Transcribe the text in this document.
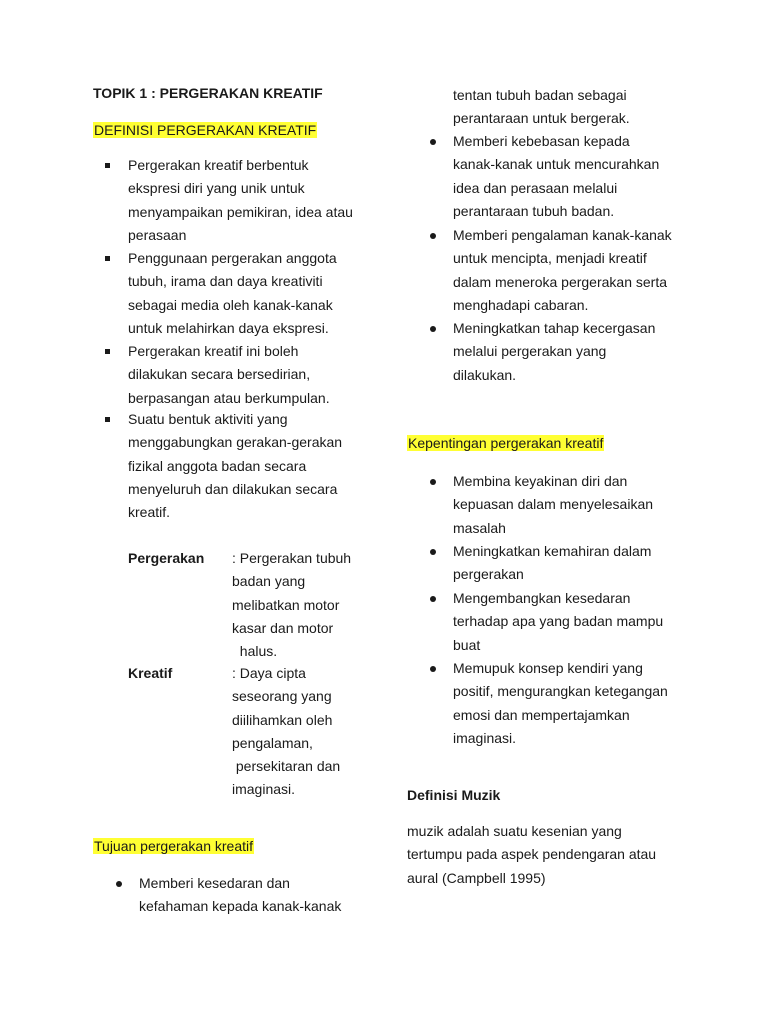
TOPIK 1 : PERGERAKAN KREATIF
DEFINISI PERGERAKAN KREATIF
Pergerakan kreatif berbentuk
ekspresi diri yang unik untuk
menyampaikan pemikiran, idea atau
perasaan
Penggunaan pergerakan anggota
tubuh, irama dan daya kreativiti
sebagai media oleh kanak-kanak
untuk melahirkan daya ekspresi.
Pergerakan kreatif ini boleh
dilakukan secara bersedirian,
berpasangan atau berkumpulan.
Suatu bentuk aktiviti yang
menggabungkan gerakan-gerakan
fizikal anggota badan secara
menyeluruh dan dilakukan secara
kreatif.
Pergerakan : Pergerakan tubuh
badan yang
melibatkan motor
kasar dan motor
halus.
Kreatif	: Daya cipta
seseorang yang
diilihamkan oleh
pengalaman,
persekitaran dan
imaginasi.
Tujuan pergerakan kreatif
Memberi kesedaran dan
kefahaman kepada kanak-kanak
tentan tubuh badan sebagai
perantaraan untuk bergerak.
Memberi kebebasan kepada
kanak-kanak untuk mencurahkan
idea dan perasaan melalui
perantaraan tubuh badan.
Memberi pengalaman kanak-kanak
untuk mencipta, menjadi kreatif
dalam meneroka pergerakan serta
menghadapi cabaran.
Meningkatkan tahap kecergasan
melalui pergerakan yang
dilakukan.
Kepentingan pergerakan kreatif
Membina keyakinan diri dan
kepuasan dalam menyelesaikan
masalah
Meningkatkan kemahiran dalam
pergerakan
Mengembangkan kesedaran
terhadap apa yang badan mampu
buat
Memupuk konsep kendiri yang
positif, mengurangkan ketegangan
emosi dan mempertajamkan
imaginasi.
Definisi Muzik
muzik adalah suatu kesenian yang
tertumpu pada aspek pendengaran atau
aural (Campbell 1995)
